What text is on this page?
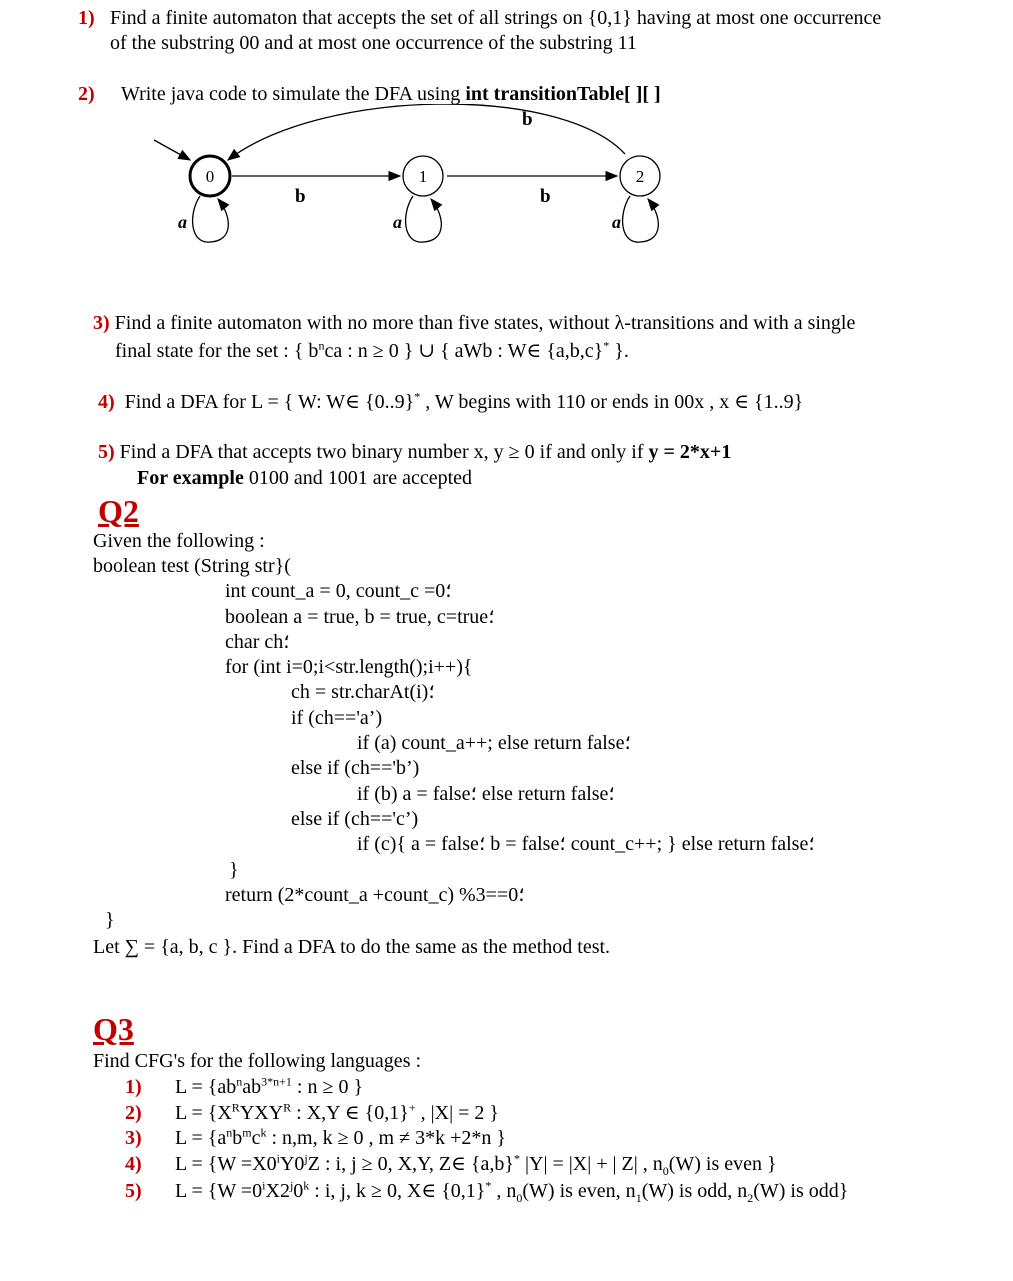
1) Find a finite automaton that accepts the set of all strings on {0,1} having at most one occurrence
of the substring 00 and at most one occurrence of the substring 11
2) Write java code to simulate the DFA using int transitionTable[ ][ ]
b
b	b
0	1	2
a	a	a
3) Find a finite automaton with no more than five states, without λ-transitions and with a single
final state for the set : { $b^nca$ : n ≥ 0 } ∪ { aWb : W∈ {a,b,c}* }.
4) Find a DFA for L = { W: W∈ {0..9}* , W begins with 110 or ends in 00x , x ∈ {1..9}
5) Find a DFA that accepts two binary number x, y ≥ 0 if and only if y = 2*x+1
For example 0100 and 1001 are accepted
Q2
Given the following :
boolean test (String str}(
int count_a = 0, count_c =0؛
boolean a = true, b = true, c=true؛
char ch؛
for (int i=0;i<str.length();i++){
ch = str.charAt(i)؛
if (ch=='a’)
if (a) count_a++; else return false؛
else if (ch=='b’)
if (b) a = false؛ else return false؛
else if (ch=='c’)
if (c){ a = false؛ b = false؛ count_c++; } else return false؛
}
return (2*count_a +count_c) %3==0؛
}
Let ∑ = {a, b, c }. Find a DFA to do the same as the method test.
Q3
Find CFG's for the following languages :
1) $L = \{ab^nab^{3*n+1}$ : n ≥ 0 }
2) $L = \{X^RYXY^R$ : X,Y ∈ {0,1}+ , |X| = 2 }
3) $L = \{a^nb^mc^k$ : n,m, k ≥ 0 , m ≠ 3*k +2*n }
4) $L = \{W =X0^iY0^jZ$ : i, j ≥ 0, X,Y, Z∈ {a,b}* |Y| = |X| + | Z| , $n_0(W)$ is even }
5) $L = \{W =0^iX2^j0^k$ : i, j, k ≥ 0, X∈ {0,1}* , $n_0(W)$ is even, $n_1(W)$ is odd, $n_2(W)$ is odd}
